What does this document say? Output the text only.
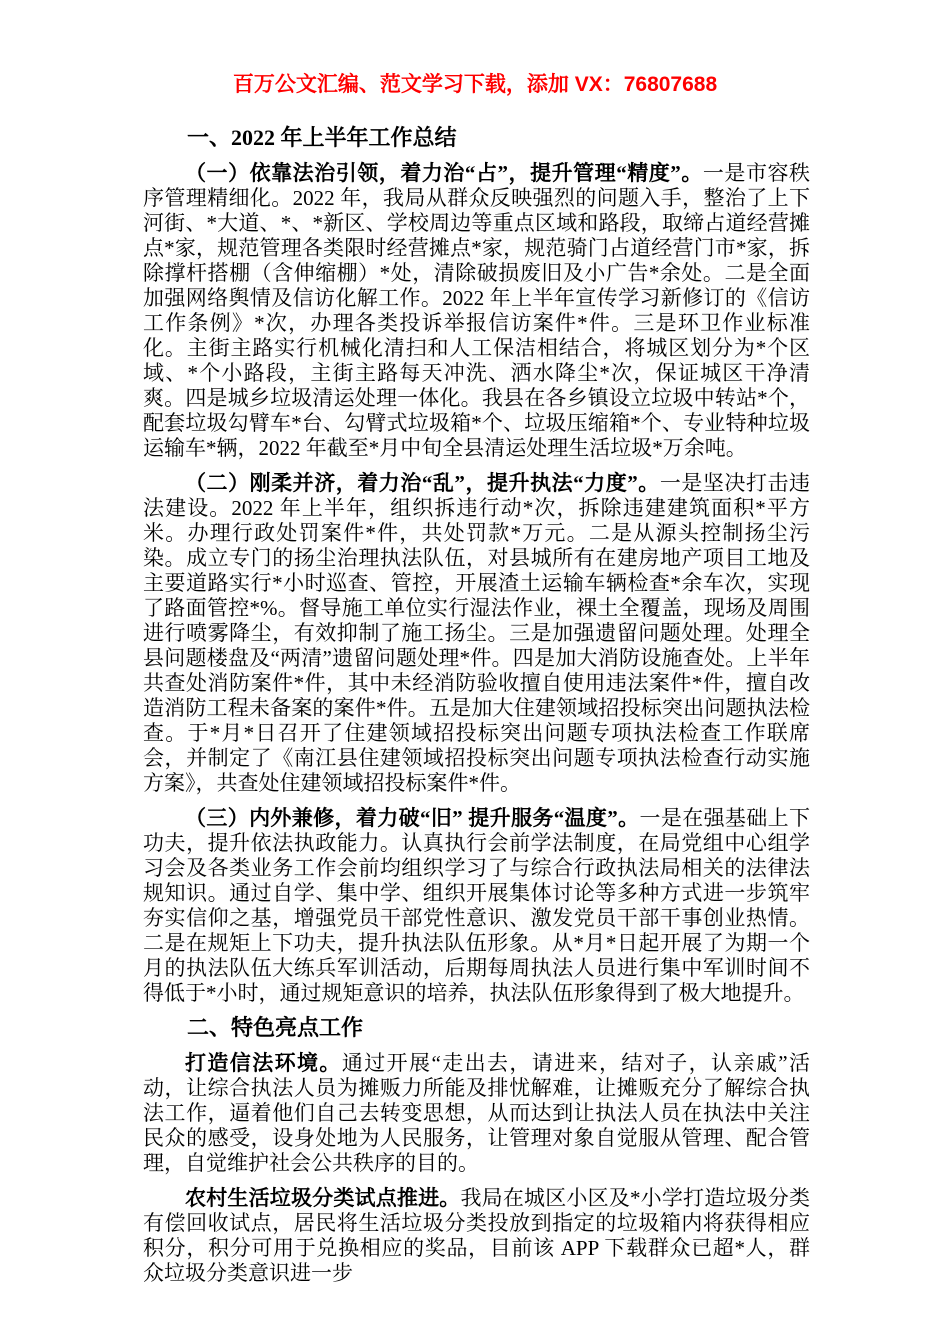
百万公文汇编、范文学习下载，添加 VX：76807688
一、2022 年上半年工作总结

（一）依靠法治引领，着力治“占”，提升管理“精度”。一是市容秩序管理精细化。2022 年，我局从群众反映强烈的问题入手，整治了上下河街、*大道、*、*新区、学校周边等重点区域和路段，取缔占道经营摊点*家，规范管理各类限时经营摊点*家，规范骑门占道经营门市*家，拆除撑杆搭棚（含伸缩棚）*处，清除破损废旧及小广告*余处。二是全面加强网络舆情及信访化解工作。2022 年上半年宣传学习新修订的《信访工作条例》*次，办理各类投诉举报信访案件*件。三是环卫作业标准化。主街主路实行机械化清扫和人工保洁相结合，将城区划分为*个区域、*个小路段，主街主路每天冲洗、洒水降尘*次，保证城区干净清爽。四是城乡垃圾清运处理一体化。我县在各乡镇设立垃圾中转站*个，配套垃圾勾臂车*台、勾臂式垃圾箱*个、垃圾压缩箱*个、专业特种垃圾运输车*辆，2022 年截至*月中旬全县清运处理生活垃圾*万余吨。

（二）刚柔并济，着力治“乱”，提升执法“力度”。一是坚决打击违法建设。2022 年上半年，组织拆违行动*次，拆除违建建筑面积*平方米。办理行政处罚案件*件，共处罚款*万元。二是从源头控制扬尘污染。成立专门的扬尘治理执法队伍，对县城所有在建房地产项目工地及主要道路实行*小时巡查、管控，开展渣土运输车辆检查*余车次，实现了路面管控*%。督导施工单位实行湿法作业，裸土全覆盖，现场及周围进行喷雾降尘，有效抑制了施工扬尘。三是加强遗留问题处理。处理全县问题楼盘及“两清”遗留问题处理*件。四是加大消防设施查处。上半年共查处消防案件*件，其中未经消防验收擅自使用违法案件*件，擅自改造消防工程未备案的案件*件。五是加大住建领域招投标突出问题执法检查。于*月*日召开了住建领域招投标突出问题专项执法检查工作联席会，并制定了《南江县住建领域招投标突出问题专项执法检查行动实施方案》，共查处住建领域招投标案件*件。

（三）内外兼修，着力破“旧” 提升服务“温度”。一是在强基础上下功夫，提升依法执政能力。认真执行会前学法制度，在局党组中心组学习会及各类业务工作会前均组织学习了与综合行政执法局相关的法律法规知识。通过自学、集中学、组织开展集体讨论等多种方式进一步筑牢夯实信仰之基，增强党员干部党性意识、激发党员干部干事创业热情。二是在规矩上下功夫，提升执法队伍形象。从*月*日起开展了为期一个月的执法队伍大练兵军训活动，后期每周执法人员进行集中军训时间不得低于*小时，通过规矩意识的培养，执法队伍形象得到了极大地提升。

二、特色亮点工作

打造信法环境。通过开展“走出去，请进来，结对子，认亲戚”活动，让综合执法人员为摊贩力所能及排忧解难，让摊贩充分了解综合执法工作，逼着他们自己去转变思想，从而达到让执法人员在执法中关注民众的感受，设身处地为人民服务，让管理对象自觉服从管理、配合管理，自觉维护社会公共秩序的目的。

农村生活垃圾分类试点推进。我局在城区小区及*小学打造垃圾分类有偿回收试点，居民将生活垃圾分类投放到指定的垃圾箱内将获得相应积分，积分可用于兑换相应的奖品，目前该 APP 下载群众已超*人，群众垃圾分类意识进一步
